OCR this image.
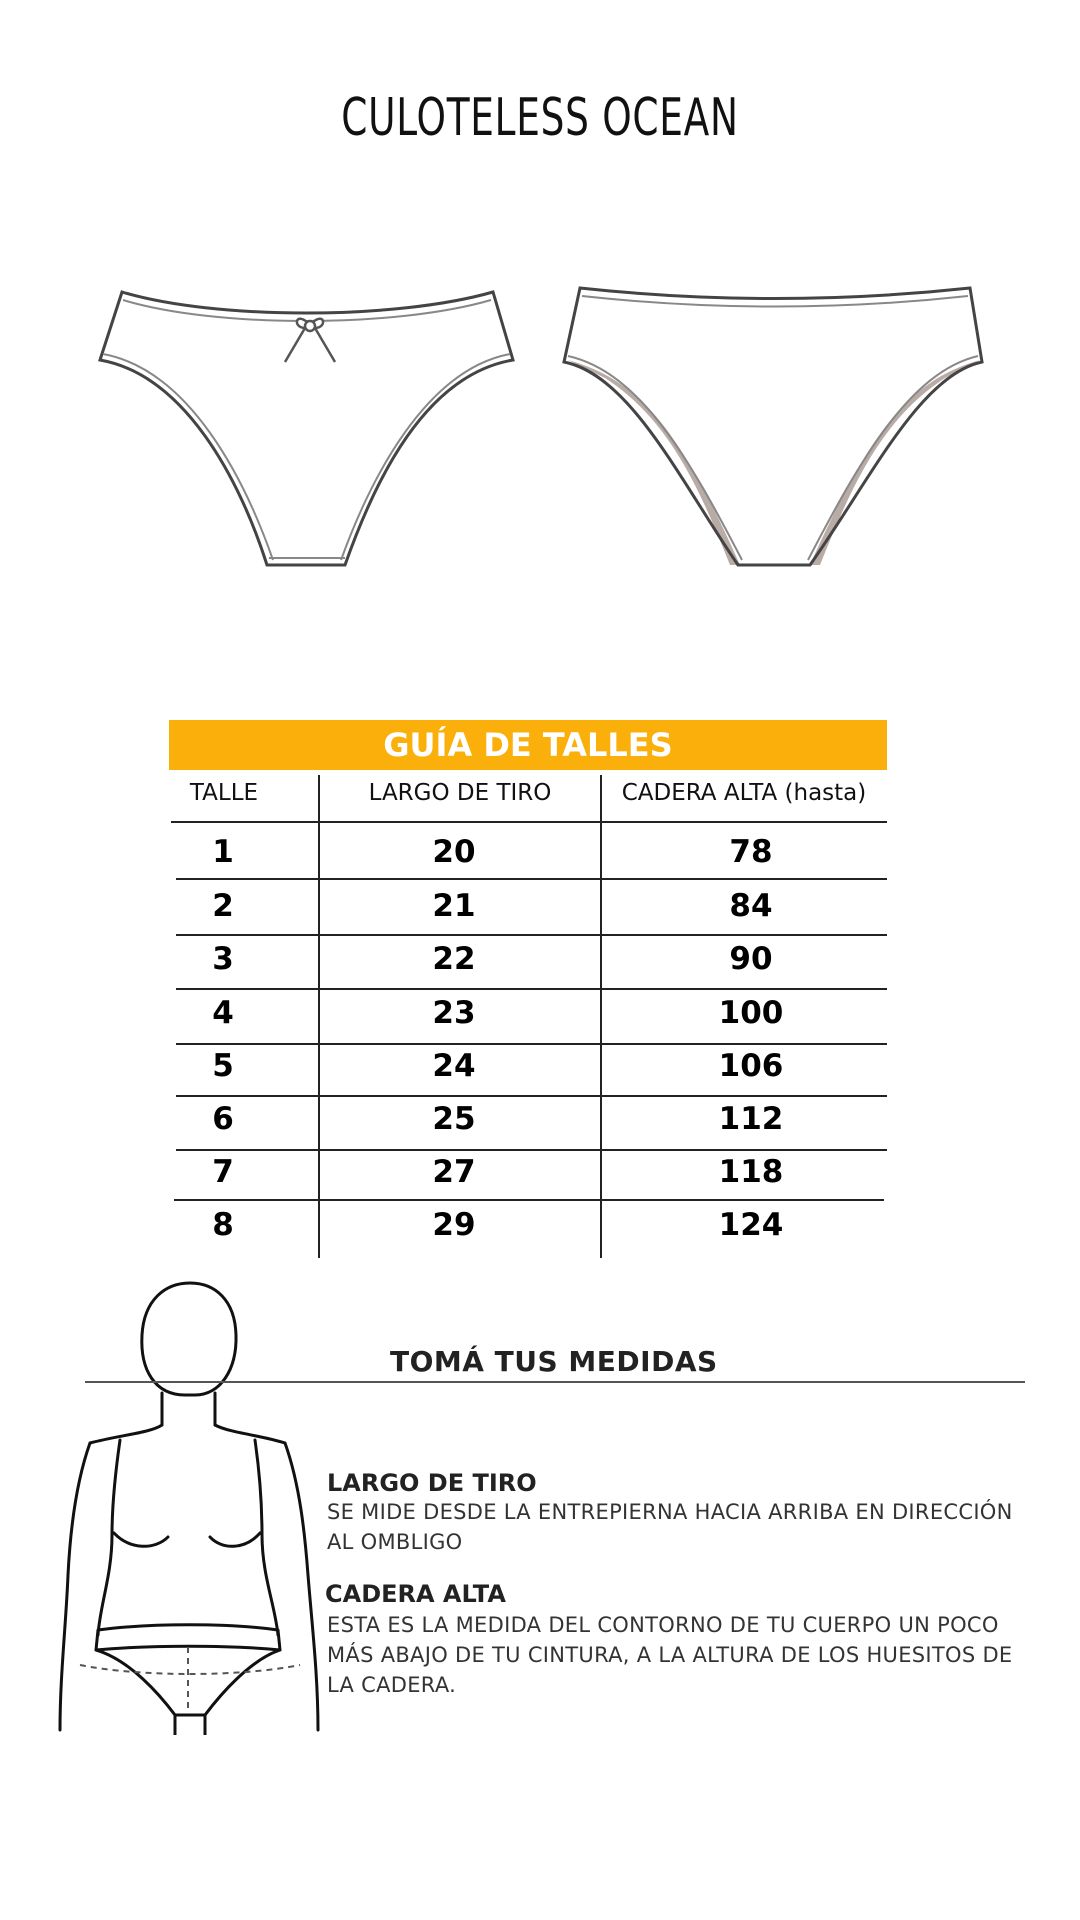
CULOTELESS OCEAN
GUÍA DE TALLES
TALLE	LARGO DE TIRO	CADERA ALTA (hasta)
1	20	78
2	21	84
3	22	90
4	23	100
5	24	106
6	25	112
7	27	118
8	29	124
TOMÁ TUS MEDIDAS
LARGO DE TIRO
SE MIDE DESDE LA ENTREPIERNA HACIA ARRIBA EN DIRECCIÓN
AL OMBLIGO
CADERA ALTA
ESTA ES LA MEDIDA DEL CONTORNO DE TU CUERPO UN POCO
MÁS ABAJO DE TU CINTURA, A LA ALTURA DE LOS HUESITOS DE
LA CADERA.
